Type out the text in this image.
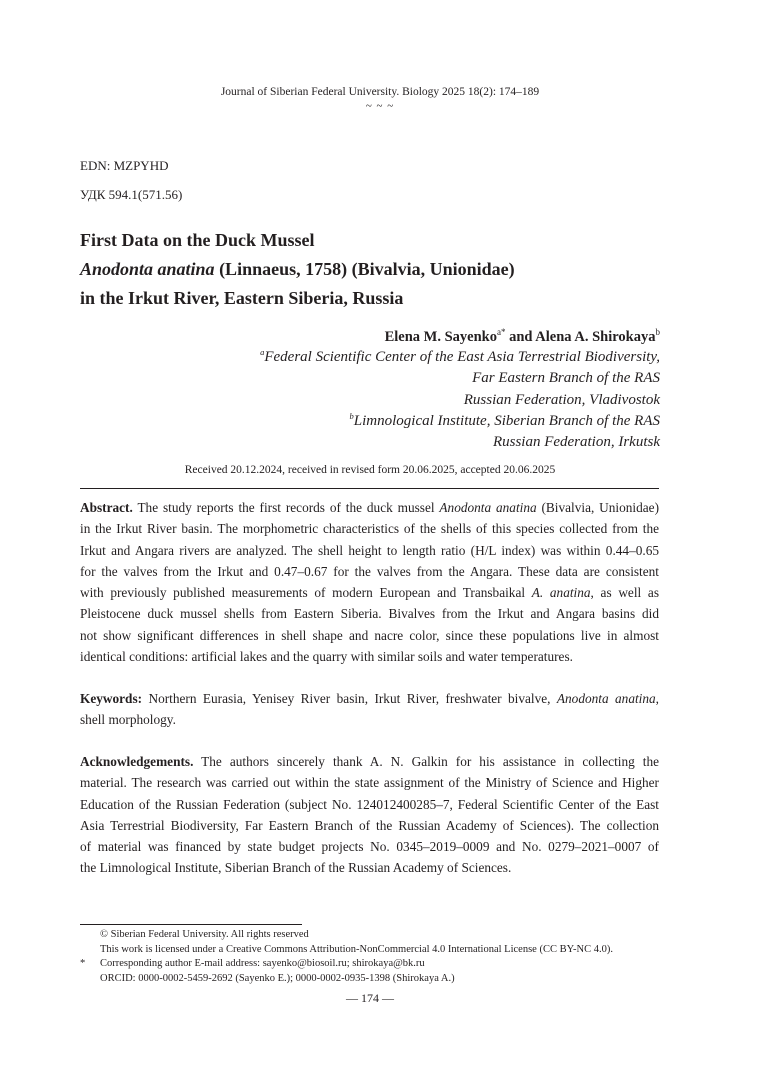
Journal of Siberian Federal University. Biology 2025 18(2): 174–189
~ ~ ~
EDN: MZPYHD
УДК 594.1(571.56)
First Data on the Duck Mussel
Anodonta anatina (Linnaeus, 1758) (Bivalvia, Unionidae)
in the Irkut River, Eastern Siberia, Russia
Elena M. Sayenko$^{a*}$ and Alena A. Shirokaya$^b$
$^a$Federal Scientific Center of the East Asia Terrestrial Biodiversity,
Far Eastern Branch of the RAS
Russian Federation, Vladivostok
$^b$Limnological Institute, Siberian Branch of the RAS
Russian Federation, Irkutsk
Received 20.12.2024, received in revised form 20.06.2025, accepted 20.06.2025
Abstract. The study reports the first records of the duck mussel Anodonta anatina (Bivalvia, Unionidae)
in the Irkut River basin. The morphometric characteristics of the shells of this species collected from the
Irkut and Angara rivers are analyzed. The shell height to length ratio (H/L index) was within 0.44–0.65
for the valves from the Irkut and 0.47–0.67 for the valves from the Angara. These data are consistent
with previously published measurements of modern European and Transbaikal A. anatina, as well as
Pleistocene duck mussel shells from Eastern Siberia. Bivalves from the Irkut and Angara basins did
not show significant differences in shell shape and nacre color, since these populations live in almost
identical conditions: artificial lakes and the quarry with similar soils and water temperatures.
Keywords: Northern Eurasia, Yenisey River basin, Irkut River, freshwater bivalve, Anodonta anatina,
shell morphology.
Acknowledgements. The authors sincerely thank A. N. Galkin for his assistance in collecting the
material. The research was carried out within the state assignment of the Ministry of Science and Higher
Education of the Russian Federation (subject No. 124012400285–7, Federal Scientific Center of the East
Asia Terrestrial Biodiversity, Far Eastern Branch of the Russian Academy of Sciences). The collection
of material was financed by state budget projects No. 0345–2019–0009 and No. 0279–2021–0007 of
the Limnological Institute, Siberian Branch of the Russian Academy of Sciences.
© Siberian Federal University. All rights reserved
This work is licensed under a Creative Commons Attribution-NonCommercial 4.0 International License (CC BY-NC 4.0).
* Corresponding author E-mail address: sayenko@biosoil.ru; shirokaya@bk.ru
ORCID: 0000-0002-5459-2692 (Sayenko E.); 0000-0002-0935-1398 (Shirokaya A.)
— 174 —
